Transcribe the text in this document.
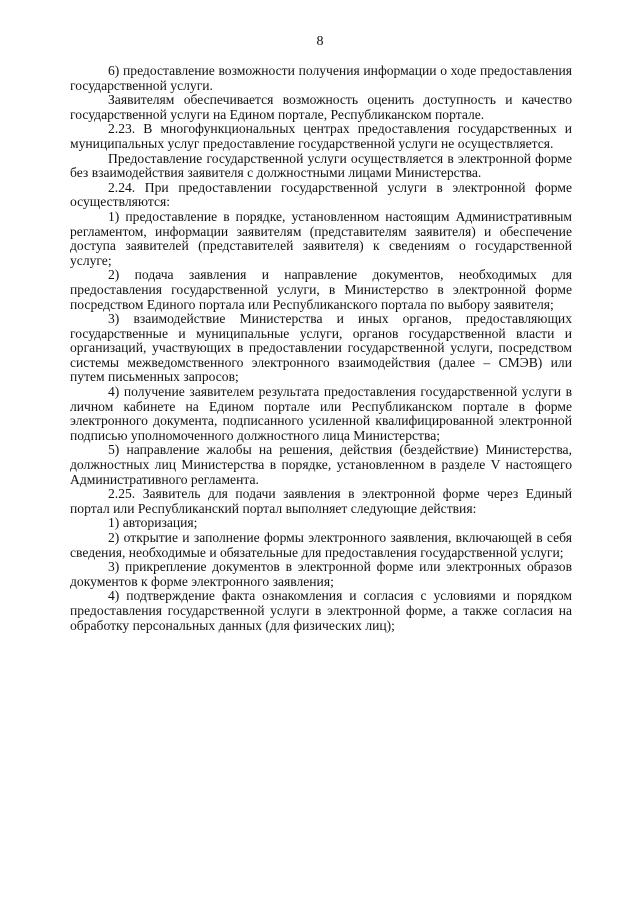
8

6) предоставление возможности получения информации о ходе предоставления государственной услуги.

Заявителям обеспечивается возможность оценить доступность и качество государственной услуги на Едином портале, Республиканском портале.

2.23. В многофункциональных центрах предоставления государственных и муниципальных услуг предоставление государственной услуги не осуществляется.

Предоставление государственной услуги осуществляется в электронной форме без взаимодействия заявителя с должностными лицами Министерства.

2.24. При предоставлении государственной услуги в электронной форме осуществляются:

1) предоставление в порядке, установленном настоящим Административным регламентом, информации заявителям (представителям заявителя) и обеспечение доступа заявителей (представителей заявителя) к сведениям о государственной услуге;

2) подача заявления и направление документов, необходимых для предоставления государственной услуги, в Министерство в электронной форме посредством Единого портала или Республиканского портала по выбору заявителя;

3) взаимодействие Министерства и иных органов, предоставляющих государственные и муниципальные услуги, органов государственной власти и организаций, участвующих в предоставлении государственной услуги, посредством системы межведомственного электронного взаимодействия (далее – СМЭВ) или путем письменных запросов;

4) получение заявителем результата предоставления государственной услуги в личном кабинете на Едином портале или Республиканском портале в форме электронного документа, подписанного усиленной квалифицированной электронной подписью уполномоченного должностного лица Министерства;

5) направление жалобы на решения, действия (бездействие) Министерства, должностных лиц Министерства в порядке, установленном в разделе V настоящего Административного регламента.

2.25. Заявитель для подачи заявления в электронной форме через Единый портал или Республиканский портал выполняет следующие действия:

1) авторизация;

2) открытие и заполнение формы электронного заявления, включающей в себя сведения, необходимые и обязательные для предоставления государственной услуги;

3) прикрепление документов в электронной форме или электронных образов документов к форме электронного заявления;

4) подтверждение факта ознакомления и согласия с условиями и порядком предоставления государственной услуги в электронной форме, а также согласия на обработку персональных данных (для физических лиц);
